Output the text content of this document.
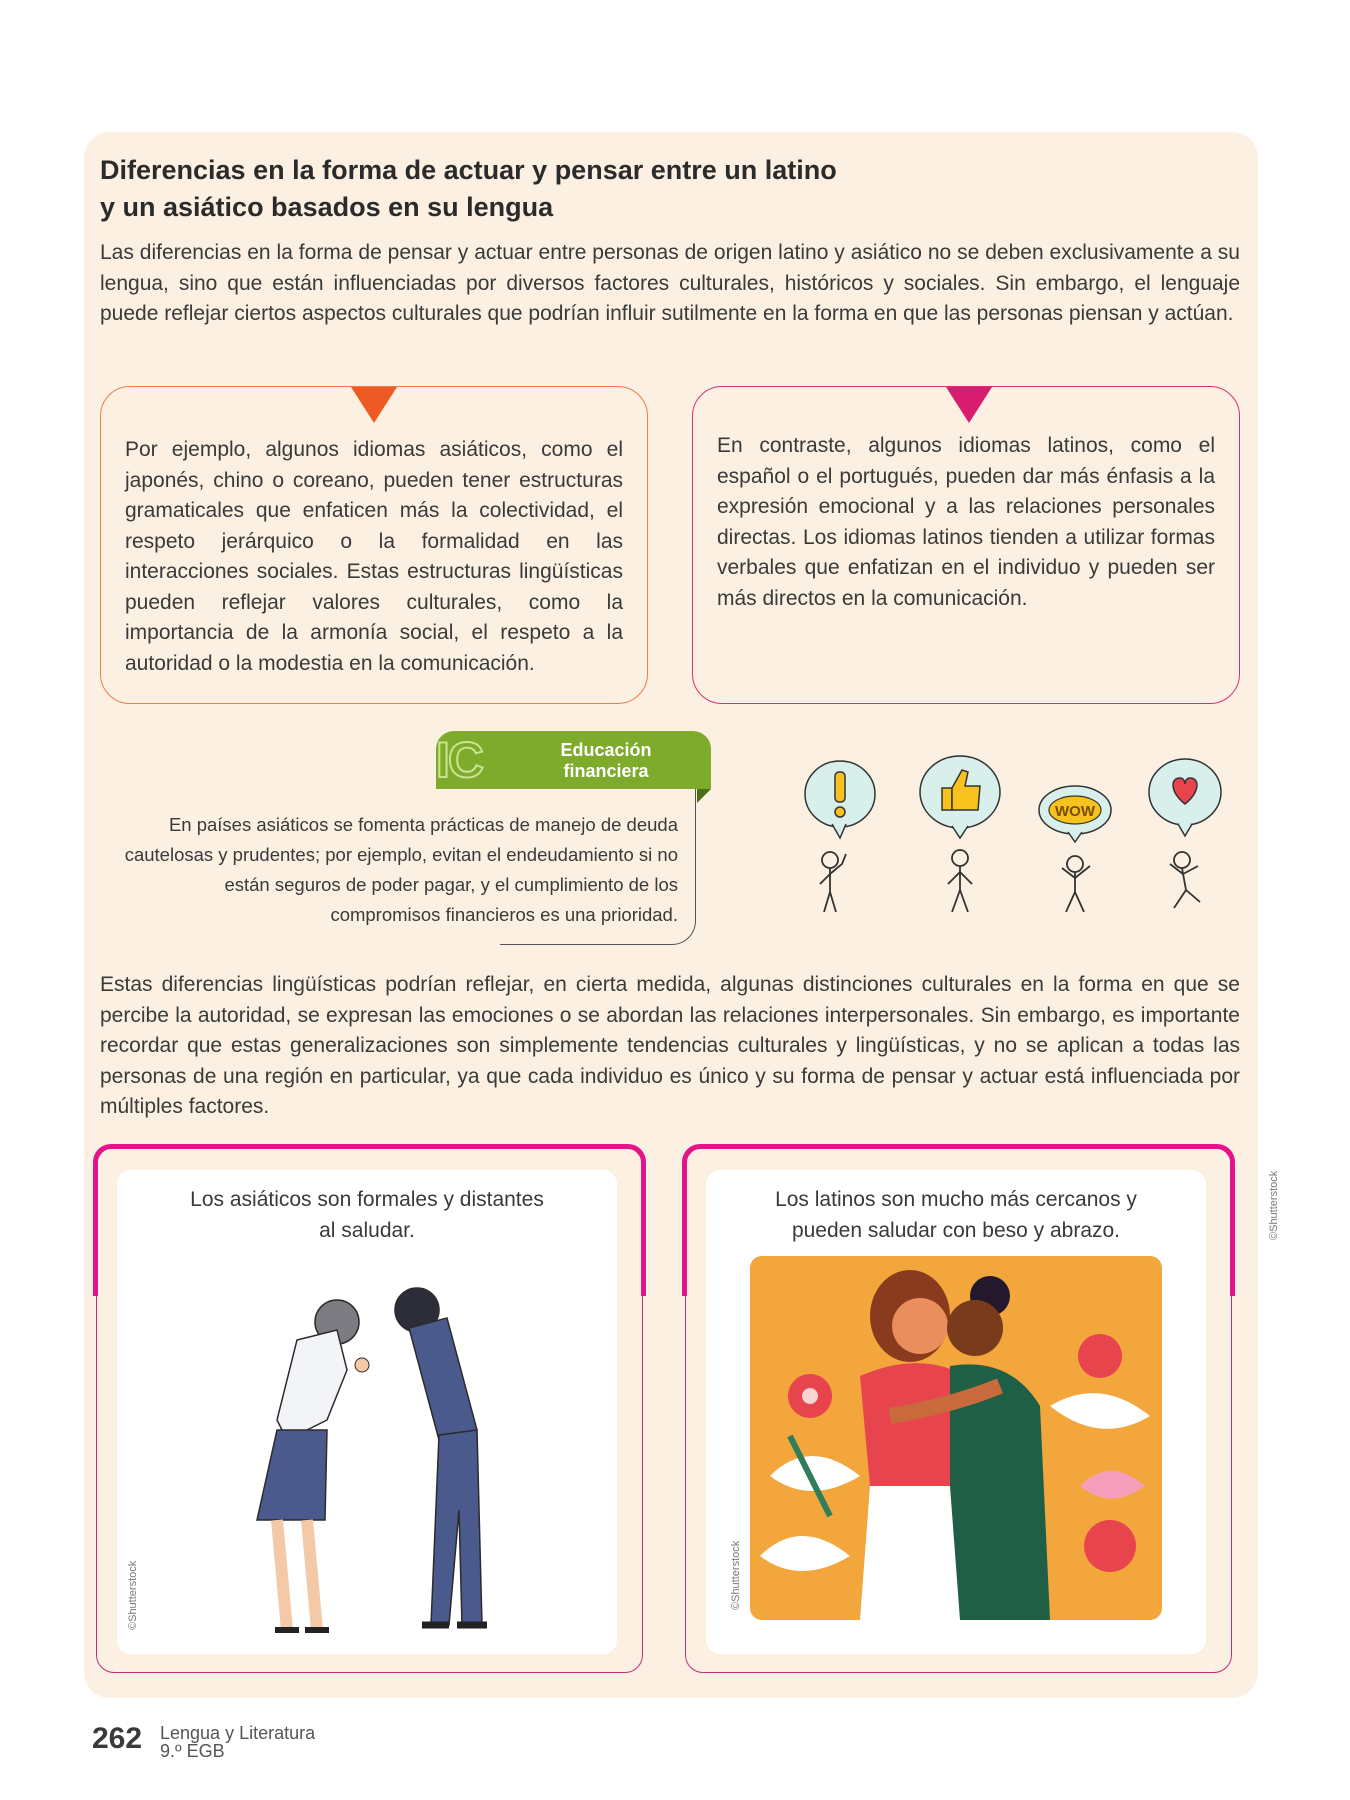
Diferencias en la forma de actuar y pensar entre un latino
y un asiático basados en su lengua
Las diferencias en la forma de pensar y actuar entre personas de origen latino y asiático no se deben exclusivamente a su lengua, sino que están influenciadas por diversos factores culturales, históricos y sociales. Sin embargo, el lenguaje puede reflejar ciertos aspectos culturales que podrían influir sutilmente en la forma en que las personas piensan y actúan.

Por ejemplo, algunos idiomas asiáticos, como el japonés, chino o coreano, pueden tener estructuras gramaticales que enfaticen más la colectividad, el respeto jerárquico o la formalidad en las interacciones sociales. Estas estructuras lingüísticas pueden reflejar valores culturales, como la importancia de la armonía social, el respeto a la autoridad o la modestia en la comunicación.

En contraste, algunos idiomas latinos, como el español o el portugués, pueden dar más énfasis a la expresión emocional y a las relaciones personales directas. Los idiomas latinos tienden a utilizar formas verbales que enfatizan en el individuo y pueden ser más directos en la comunicación.

IC	Educación
financiera
En países asiáticos se fomenta prácticas de manejo de deuda cautelosas y prudentes; por ejemplo, evitan el endeudamiento si no están seguros de poder pagar, y el cumplimiento de los compromisos financieros es una prioridad.
WOW
Estas diferencias lingüísticas podrían reflejar, en cierta medida, algunas distinciones culturales en la forma en que se percibe la autoridad, se expresan las emociones o se abordan las relaciones interpersonales. Sin embargo, es importante recordar que estas generalizaciones son simplemente tendencias culturales y lingüísticas, y no se aplican a todas las personas de una región en particular, ya que cada individuo es único y su forma de pensar y actuar está influenciada por múltiples factores.
Los asiáticos son formales y distantes
al saludar.
©Shutterstock
Los latinos son mucho más cercanos y
pueden saludar con beso y abrazo.
©Shutterstock
©Shutterstock
262 Lengua y Literatura
9.º EGB
